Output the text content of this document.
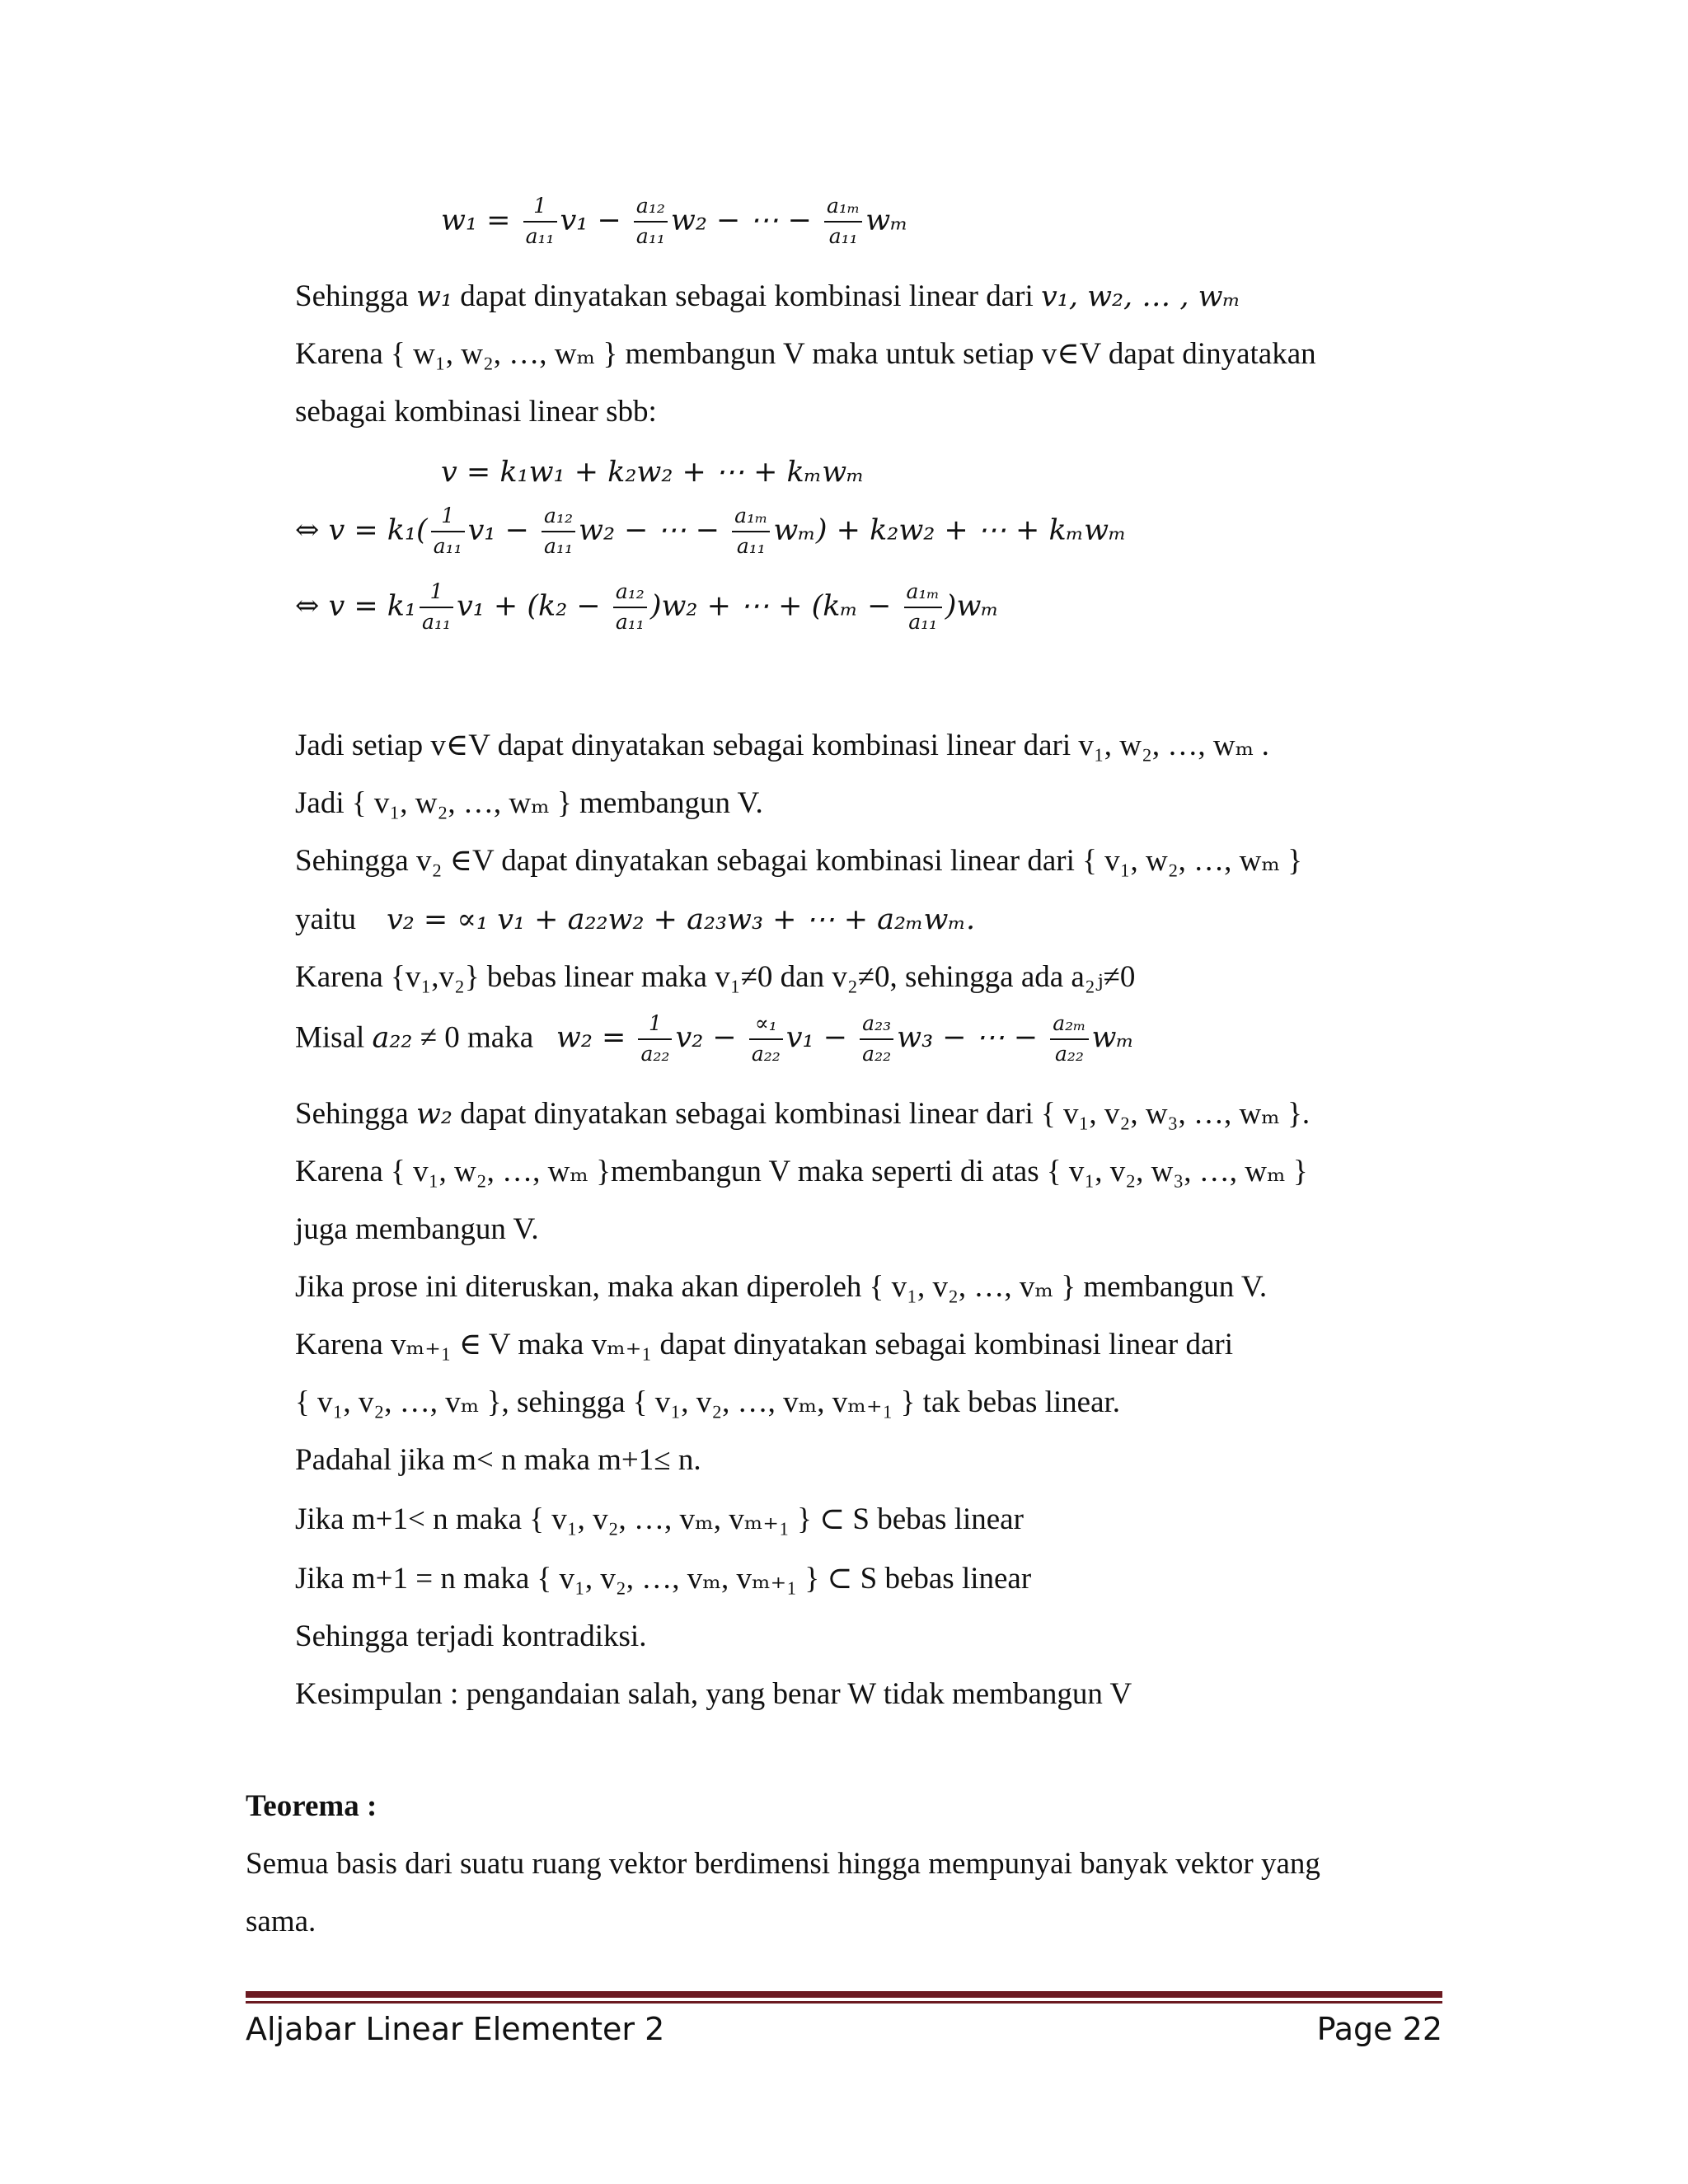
$w_1 = \frac{1}{\text{a₁₁}} v_1 - \frac{\text{a₁₂}}{\text{a₁₁}} w_2$ − ⋯ − $\frac{\text{a₁ₘ}}{\text{a₁₁}}$ wₘ
Sehingga w₁ dapat dinyatakan sebagai kombinasi linear dari v₁, w₂, … , wₘ
Karena { w₁, w₂, …, wₘ } membangun V maka untuk setiap v∈V dapat dinyatakan
sebagai kombinasi linear sbb:
v = k₁w₁ + k₂w₂ + ⋯ + kₘwₘ
⇔ $v = k_1( \frac{1}{\text{a₁₁}} v_1 - \frac{\text{a₁₂}}{\text{a₁₁}} w_2$ − ⋯ − $\frac{\text{a₁ₘ}}{\text{a₁₁}} w_m) + k_2w_2$ + ⋯ + kₘwₘ
⇔ $v = k_1 \frac{1}{\text{a₁₁}} v_1 + (k_2 - \frac{\text{a₁₂}}{\text{a₁₁}} )w_2$ + ⋯ + $(k_m - \frac{\text{a₁ₘ}}{\text{a₁₁}} )w_m$
Jadi setiap v∈V dapat dinyatakan sebagai kombinasi linear dari v₁, w₂, …, wₘ .
Jadi { v₁, w₂, …, wₘ } membangun V.
Sehingga v₂ ∈V dapat dinyatakan sebagai kombinasi linear dari { v₁, w₂, …, wₘ }
yaitu v₂ = ∝₁ v₁ + a₂₂w₂ + a₂₃w₃ + ⋯ + a₂ₘwₘ.
Karena {v₁,v₂} bebas linear maka v₁≠0 dan v₂≠0, sehingga ada a₂ⱼ≠0
Misal a₂₂ ≠ 0 maka $w_2 = \frac{1}{\text{a₂₂}} v_2 - \frac{\text{∝₁}}{\text{a₂₂}} v_1 - \frac{\text{a₂₃}}{\text{a₂₂}} w_3$ − ⋯ − $\frac{\text{a₂ₘ}}{\text{a₂₂}}$ wₘ
Sehingga w₂ dapat dinyatakan sebagai kombinasi linear dari { v₁, v₂, w₃, …, wₘ }.
Karena { v₁, w₂, …, wₘ }membangun V maka seperti di atas { v₁, v₂, w₃, …, wₘ }
juga membangun V.
Jika prose ini diteruskan, maka akan diperoleh { v₁, v₂, …, vₘ } membangun V.
Karena vₘ₊₁ ∈ V maka vₘ₊₁ dapat dinyatakan sebagai kombinasi linear dari
{ v₁, v₂, …, vₘ }, sehingga { v₁, v₂, …, vₘ, vₘ₊₁ } tak bebas linear.
Padahal jika m< n maka m+1≤ n.
Jika m+1< n maka { v₁, v₂, …, vₘ, vₘ₊₁ } ⊂ S bebas linear
Jika m+1 = n maka { v₁, v₂, …, vₘ, vₘ₊₁ } ⊂ S bebas linear
Sehingga terjadi kontradiksi.
Kesimpulan : pengandaian salah, yang benar W tidak membangun V
Teorema :
Semua basis dari suatu ruang vektor berdimensi hingga mempunyai banyak vektor yang
sama.
Aljabar Linear Elementer 2	Page 22
